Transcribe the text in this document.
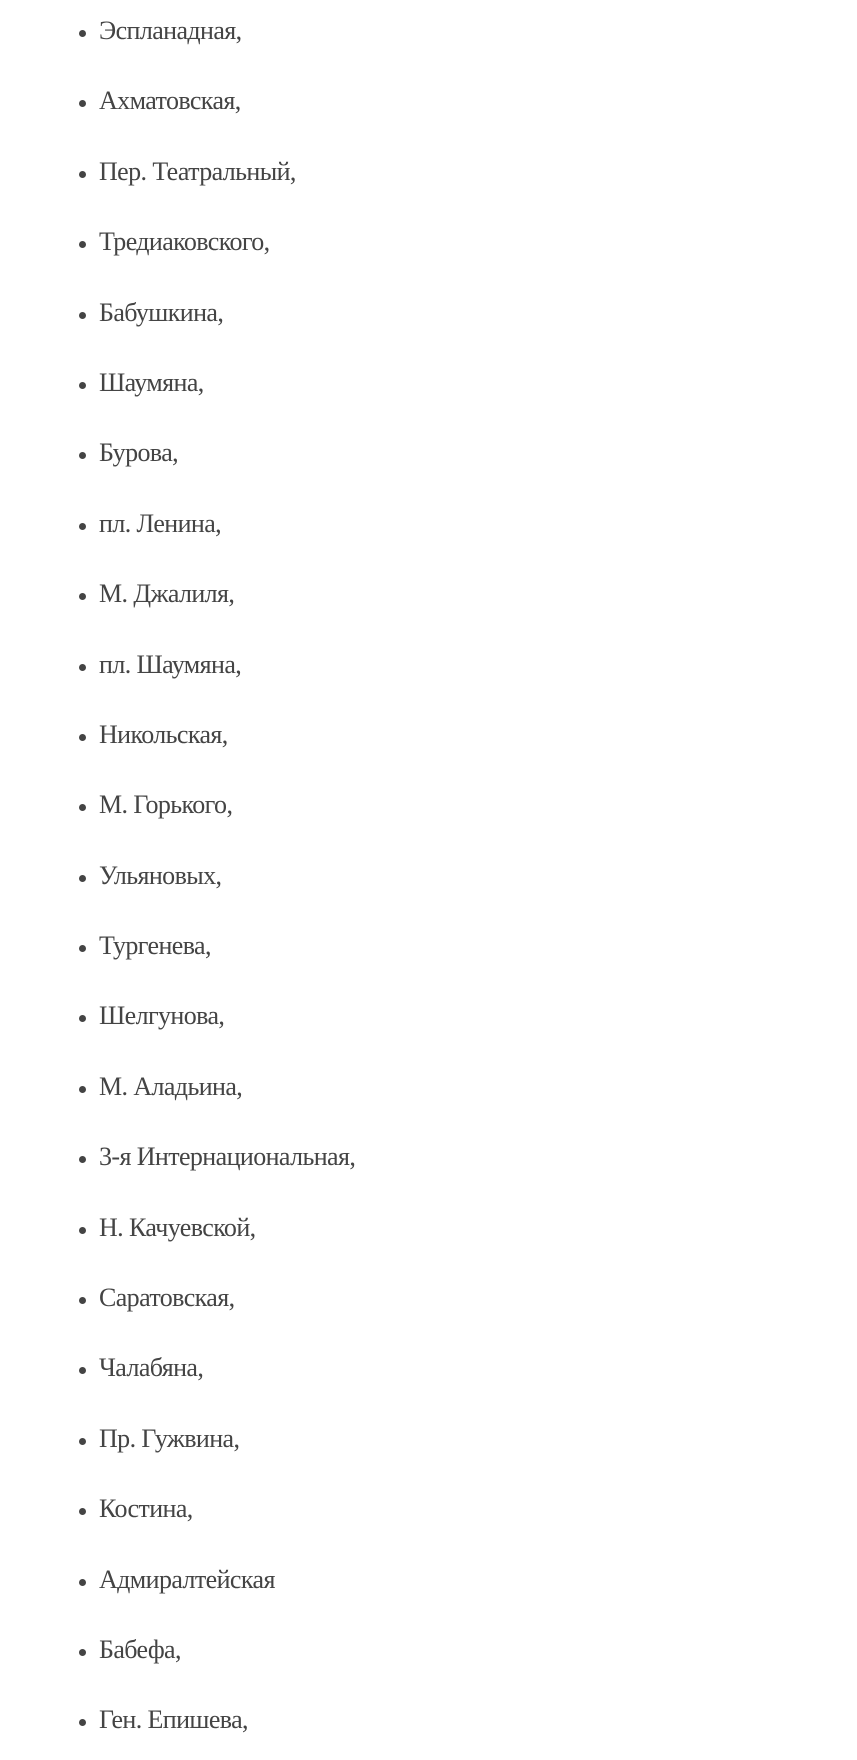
Эспланадная,
Ахматовская,
Пер. Театральный,
Тредиаковского,
Бабушкина,
Шаумяна,
Бурова,
пл. Ленина,
М. Джалиля,
пл. Шаумяна,
Никольская,
М. Горького,
Ульяновых,
Тургенева,
Шелгунова,
М. Аладьина,
3-я Интернациональная,
Н. Качуевской,
Саратовская,
Чалабяна,
Пр. Гужвина,
Костина,
Адмиралтейская
Бабефа,
Ген. Епишева,
